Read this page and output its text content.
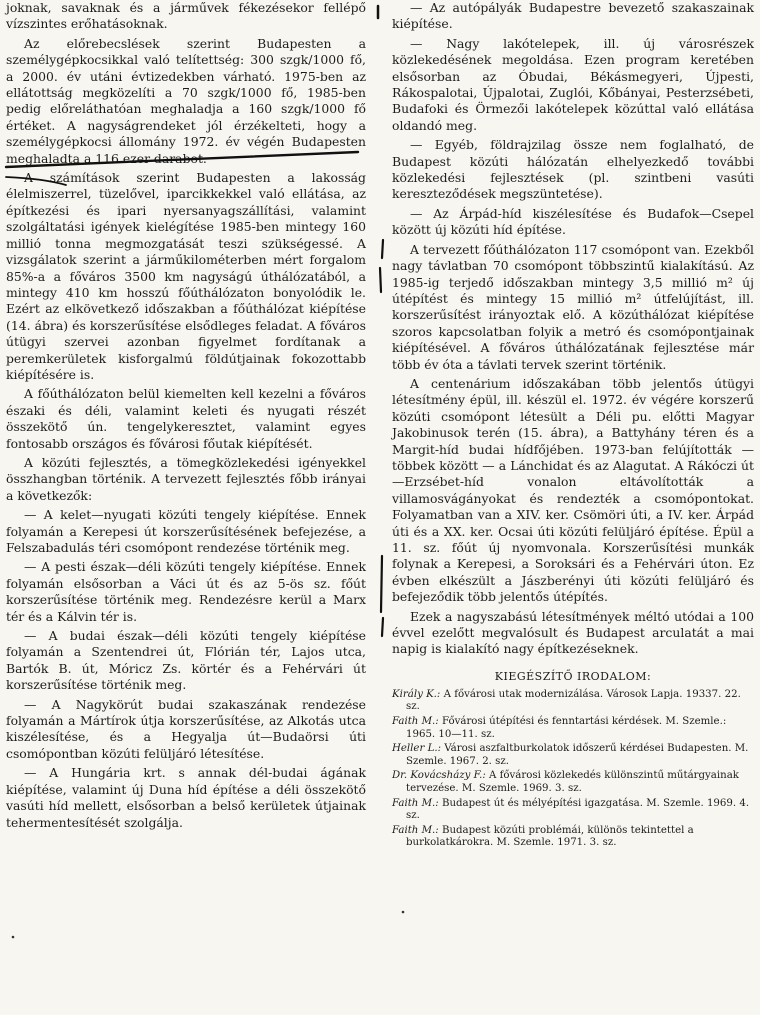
joknak, savaknak és a járművek fékezésekor fellépő vízszintes erőhatásoknak.

Az előrebecslések szerint Budapesten a személygépkocsikkal való telítettség: 300 szgk/1000 fő, a 2000. év utáni évtizedekben várható. 1975-ben az ellátottság megközelíti a 70 szgk/1000 fő, 1985-ben pedig előreláthatóan meghaladja a 160 szgk/1000 fő értéket. A nagyságrendeket jól érzékelteti, hogy a személygépkocsi állomány 1972. év végén Budapesten meghaladta a 116 ezer darabot.

A számítások szerint Budapesten a lakosság élelmiszerrel, tüzelővel, iparcikkekkel való ellátása, az építkezési és ipari nyersanyagszállítási, valamint szolgáltatási igények kielégítése 1985-ben mintegy 160 millió tonna megmozgatását teszi szükségessé. A vizsgálatok szerint a járműkilométerben mért forgalom 85%-a a főváros 3500 km nagyságú úthálózatából, a mintegy 410 km hosszú főúthálózaton bonyolódik le. Ezért az elkövetkező időszakban a főúthálózat kiépítése (14. ábra) és korszerűsítése elsődleges feladat. A főváros útügyi szervei azonban figyelmet fordítanak a peremkerületek kisforgalmú földútjainak fokozottabb kiépítésére is.

A főúthálózaton belül kiemelten kell kezelni a főváros északi és déli, valamint keleti és nyugati részét összekötő ún. tengelykeresztet, valamint egyes fontosabb országos és fővárosi főutak kiépítését.

A közúti fejlesztés, a tömegközlekedési igényekkel összhangban történik. A tervezett fejlesztés főbb irányai a következők:

— A kelet—nyugati közúti tengely kiépítése. Ennek folyamán a Kerepesi út korszerűsítésének befejezése, a Felszabadulás téri csomópont rendezése történik meg.

— A pesti észak—déli közúti tengely kiépítése. Ennek folyamán elsősorban a Váci út és az 5-ös sz. főút korszerűsítése történik meg. Rendezésre kerül a Marx tér és a Kálvin tér is.

— A budai észak—déli közúti tengely kiépítése folyamán a Szentendrei út, Flórián tér, Lajos utca, Bartók B. út, Móricz Zs. körtér és a Fehérvári út korszerűsítése történik meg.

— A Nagykörút budai szakaszának rendezése folyamán a Mártírok útja korszerűsítése, az Alkotás utca kiszélesítése, és a Hegyalja út—Budaörsi úti csomópontban közúti felüljáró létesítése.

— A Hungária krt. s annak dél-budai ágának kiépítése, valamint új Duna híd építése a déli összekötő vasúti híd mellett, elsősorban a belső kerületek útjainak tehermentesítését szolgálja.

— Az autópályák Budapestre bevezető szakaszainak kiépítése.

— Nagy lakótelepek, ill. új városrészek közlekedésének megoldása. Ezen program keretében elsősorban az Óbudai, Békásmegyeri, Újpesti, Rákospalotai, Újpalotai, Zuglói, Kőbányai, Pesterzsébeti, Budafoki és Örmezői lakótelepek közúttal való ellátása oldandó meg.

— Egyéb, földrajzilag össze nem foglalható, de Budapest közúti hálózatán elhelyezkedő további közlekedési fejlesztések (pl. szintbeni vasúti kereszteződések megszüntetése).

— Az Árpád-híd kiszélesítése és Budafok—Csepel között új közúti híd építése.

A tervezett főúthálózaton 117 csomópont van. Ezekből nagy távlatban 70 csomópont többszintű kialakítású. Az 1985-ig terjedő időszakban mintegy 3,5 millió m² új útépítést és mintegy 15 millió m² útfelújítást, ill. korszerűsítést irányoztak elő. A közúthálózat kiépítése szoros kapcsolatban folyik a metró és csomópontjainak kiépítésével. A főváros úthálózatának fejlesztése már több év óta a távlati tervek szerint történik.

A centenárium időszakában több jelentős útügyi létesítmény épül, ill. készül el. 1972. év végére korszerű közúti csomópont létesült a Déli pu. előtti Magyar Jakobinusok terén (15. ábra), a Battyhány téren és a Margit-híd budai hídfőjében. 1973-ban felújították — többek között — a Lánchidat és az Alagutat. A Rákóczi út—Erzsébet-híd vonalon eltávolították a villamosvágányokat és rendezték a csomópontokat. Folyamatban van a XIV. ker. Csömöri úti, a IV. ker. Árpád úti és a XX. ker. Ocsai úti közúti felüljáró építése. Épül a 11. sz. főút új nyomvonala. Korszerűsítési munkák folynak a Kerepesi, a Soroksári és a Fehérvári úton. Ez évben elkészült a Jászberényi úti közúti felüljáró és befejeződik több jelentős útépítés.

Ezek a nagyszabású létesítmények méltó utódai a 100 évvel ezelőtt megvalósult és Budapest arculatát a mai napig is kialakító nagy építkezéseknek.

KIEGÉSZÍTŐ IRODALOM:

Király K.: A fővárosi utak modernizálása. Városok Lapja. 19337. 22. sz.

Faith M.: Fővárosi útépítési és fenntartási kérdések. M. Szemle.: 1965. 10—11. sz.

Heller L.: Városi aszfaltburkolatok időszerű kérdései Budapesten. M. Szemle. 1967. 2. sz.

Dr. Kovácsházy F.: A fővárosi közlekedés különszintű műtárgyainak tervezése. M. Szemle. 1969. 3. sz.

Faith M.: Budapest út és mélyépítési igazgatása. M. Szemle. 1969. 4. sz.

Faith M.: Budapest közúti problémái, különös tekintettel a burkolatkárokra. M. Szemle. 1971. 3. sz.
